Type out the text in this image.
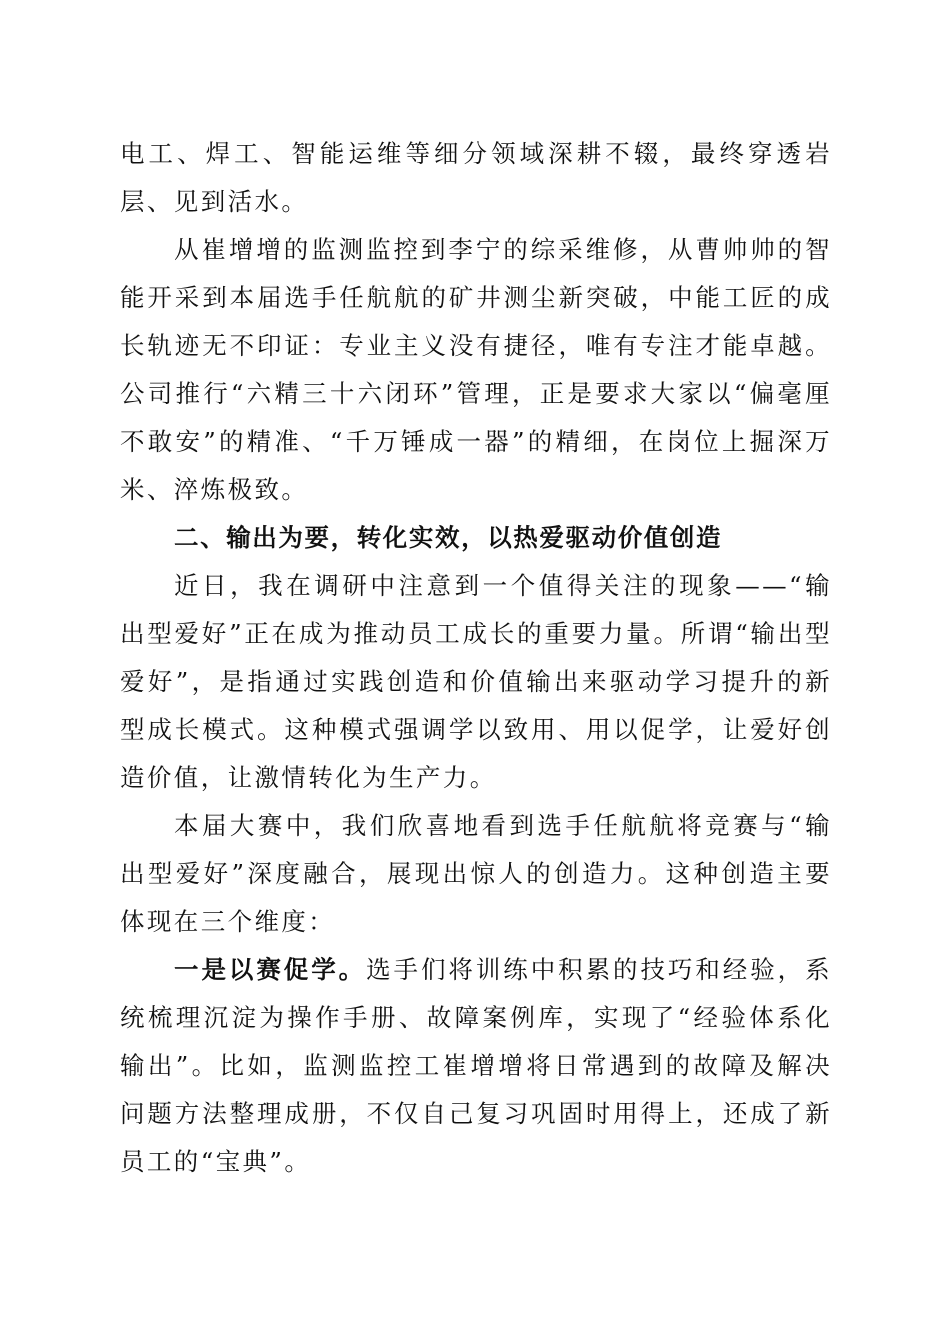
电工、焊工、智能运维等细分领域深耕不辍，最终穿透岩层、见到活水。

从崔增增的监测监控到李宁的综采维修，从曹帅帅的智能开采到本届选手任航航的矿井测尘新突破，中能工匠的成长轨迹无不印证：专业主义没有捷径，唯有专注才能卓越。公司推行“六精三十六闭环”管理，正是要求大家以“偏毫厘不敢安”的精准、“千万锤成一器”的精细，在岗位上掘深万米、淬炼极致。

二、输出为要，转化实效，以热爱驱动价值创造

近日，我在调研中注意到一个值得关注的现象——“输出型爱好”正在成为推动员工成长的重要力量。所谓“输出型爱好”，是指通过实践创造和价值输出来驱动学习提升的新型成长模式。这种模式强调学以致用、用以促学，让爱好创造价值，让激情转化为生产力。

本届大赛中，我们欣喜地看到选手任航航将竞赛与“输出型爱好”深度融合，展现出惊人的创造力。这种创造主要体现在三个维度：

一是以赛促学。选手们将训练中积累的技巧和经验，系统梳理沉淀为操作手册、故障案例库，实现了“经验体系化输出”。比如，监测监控工崔增增将日常遇到的故障及解决问题方法整理成册，不仅自己复习巩固时用得上，还成了新员工的“宝典”。
